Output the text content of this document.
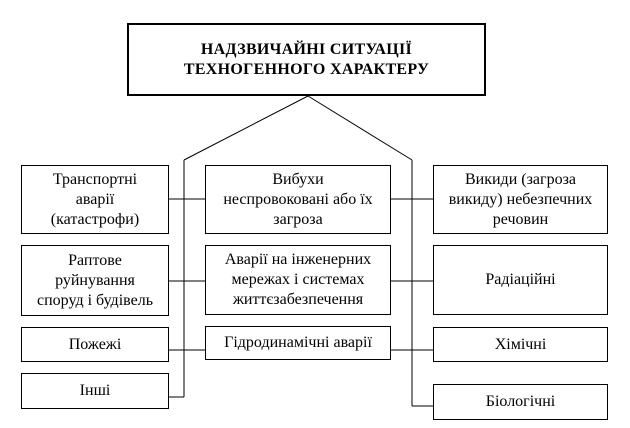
НАДЗВИЧАЙНІ СИТУАЦІЇ
ТЕХНОГЕННОГО ХАРАКТЕРУ
Транспортні
аварії
(катастрофи)
Раптове
руйнування
споруд і будівель
Пожежі
Інші
Вибухи
неспровоковані або їх
загроза
Аварії на інженерних
мережах і системах
життєзабезпечення
Гідродинамічні аварії
Викиди (загроза
викиду) небезпечних
речовин
Радіаційні
Хімічні
Біологічні
